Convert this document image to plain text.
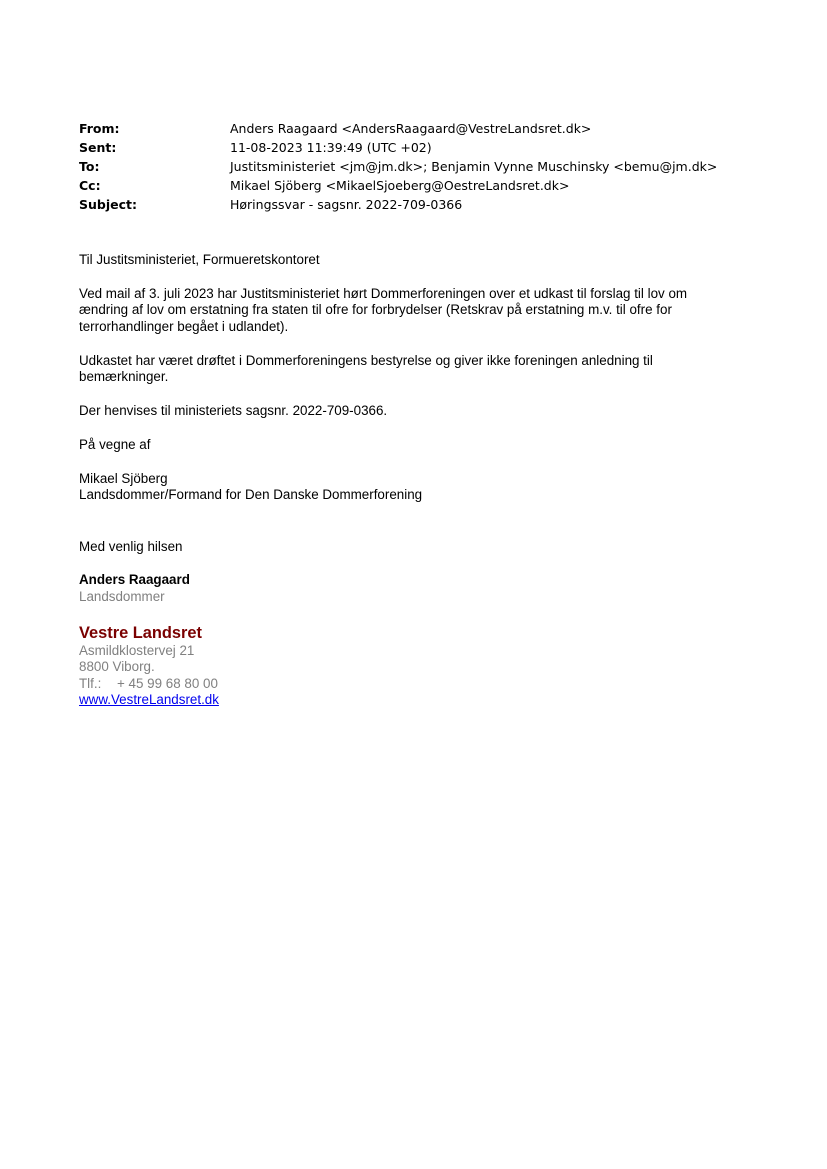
From:	Anders Raagaard <AndersRaagaard@VestreLandsret.dk>
Sent:	11-08-2023 11:39:49 (UTC +02)
To:	Justitsministeriet <jm@jm.dk>; Benjamin Vynne Muschinsky <bemu@jm.dk>
Cc:	Mikael Sjöberg <MikaelSjoeberg@OestreLandsret.dk>
Subject:	Høringssvar - sagsnr. 2022-709-0366

Til Justitsministeriet, Formueretskontoret

Ved mail af 3. juli 2023 har Justitsministeriet hørt Dommerforeningen over et udkast til forslag til lov om
ændring af lov om erstatning fra staten til ofre for forbrydelser (Retskrav på erstatning m.v. til ofre for
terrorhandlinger begået i udlandet).

Udkastet har været drøftet i Dommerforeningens bestyrelse og giver ikke foreningen anledning til
bemærkninger.

Der henvises til ministeriets sagsnr. 2022-709-0366.

På vegne af

Mikael Sjöberg

Landsdommer/Formand for Den Danske Dommerforening

Med venlig hilsen

Anders Raagaard

Landsdommer

Vestre Landsret

Asmildklostervej 21

8800 Viborg.

Tlf.: + 45 99 68 80 00

www.VestreLandsret.dk
